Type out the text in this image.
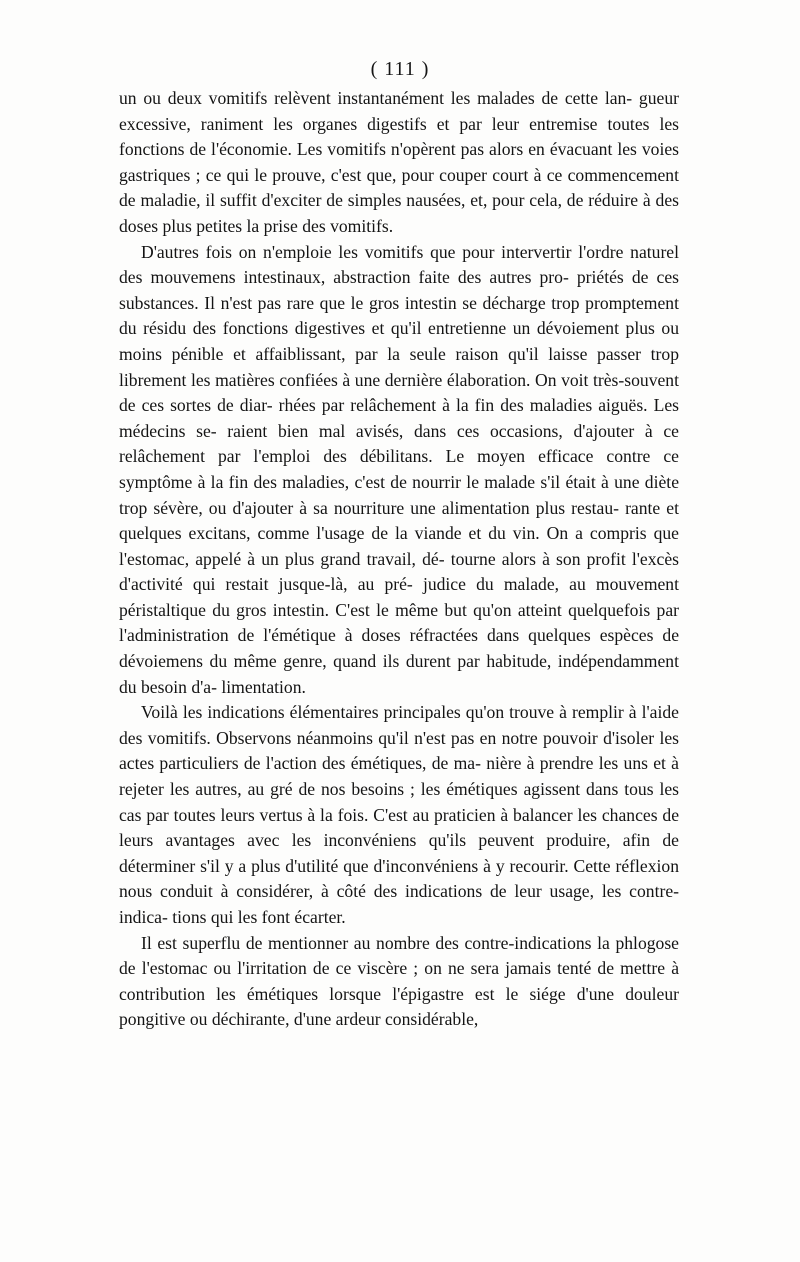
( 111 )

un ou deux vomitifs relèvent instantanément les malades de cette lan- gueur excessive, raniment les organes digestifs et par leur entremise toutes les fonctions de l'économie. Les vomitifs n'opèrent pas alors en évacuant les voies gastriques ; ce qui le prouve, c'est que, pour couper court à ce commencement de maladie, il suffit d'exciter de simples nausées, et, pour cela, de réduire à des doses plus petites la prise des vomitifs.

D'autres fois on n'emploie les vomitifs que pour intervertir l'ordre naturel des mouvemens intestinaux, abstraction faite des autres pro- priétés de ces substances. Il n'est pas rare que le gros intestin se décharge trop promptement du résidu des fonctions digestives et qu'il entretienne un dévoiement plus ou moins pénible et affaiblissant, par la seule raison qu'il laisse passer trop librement les matières confiées à une dernière élaboration. On voit très-souvent de ces sortes de diar- rhées par relâchement à la fin des maladies aiguës. Les médecins se- raient bien mal avisés, dans ces occasions, d'ajouter à ce relâchement par l'emploi des débilitans. Le moyen efficace contre ce symptôme à la fin des maladies, c'est de nourrir le malade s'il était à une diète trop sévère, ou d'ajouter à sa nourriture une alimentation plus restau- rante et quelques excitans, comme l'usage de la viande et du vin. On a compris que l'estomac, appelé à un plus grand travail, dé- tourne alors à son profit l'excès d'activité qui restait jusque-là, au pré- judice du malade, au mouvement péristaltique du gros intestin. C'est le même but qu'on atteint quelquefois par l'administration de l'émétique à doses réfractées dans quelques espèces de dévoiemens du même genre, quand ils durent par habitude, indépendamment du besoin d'a- limentation.

Voilà les indications élémentaires principales qu'on trouve à remplir à l'aide des vomitifs. Observons néanmoins qu'il n'est pas en notre pouvoir d'isoler les actes particuliers de l'action des émétiques, de ma- nière à prendre les uns et à rejeter les autres, au gré de nos besoins ; les émétiques agissent dans tous les cas par toutes leurs vertus à la fois. C'est au praticien à balancer les chances de leurs avantages avec les inconvéniens qu'ils peuvent produire, afin de déterminer s'il y a plus d'utilité que d'inconvéniens à y recourir. Cette réflexion nous conduit à considérer, à côté des indications de leur usage, les contre-indica- tions qui les font écarter.

Il est superflu de mentionner au nombre des contre-indications la phlogose de l'estomac ou l'irritation de ce viscère ; on ne sera jamais tenté de mettre à contribution les émétiques lorsque l'épigastre est le siége d'une douleur pongitive ou déchirante, d'une ardeur considérable,
